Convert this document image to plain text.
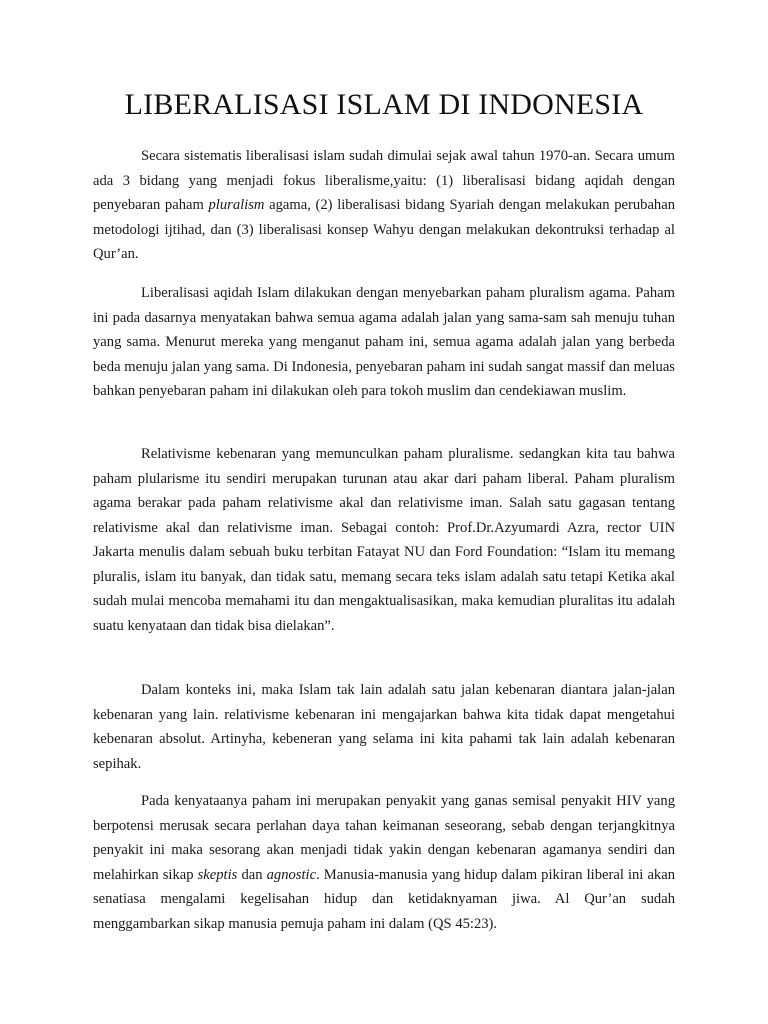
LIBERALISASI ISLAM DI INDONESIA

Secara sistematis liberalisasi islam sudah dimulai sejak awal tahun 1970-an. Secara umum ada 3 bidang yang menjadi fokus liberalisme,yaitu: (1) liberalisasi bidang aqidah dengan penyebaran paham pluralism agama, (2) liberalisasi bidang Syariah dengan melakukan perubahan metodologi ijtihad, dan (3) liberalisasi konsep Wahyu dengan melakukan dekontruksi terhadap al Qur’an.

Liberalisasi aqidah Islam dilakukan dengan menyebarkan paham pluralism agama. Paham ini pada dasarnya menyatakan bahwa semua agama adalah jalan yang sama-sam sah menuju tuhan yang sama. Menurut mereka yang menganut paham ini, semua agama adalah jalan yang berbeda beda menuju jalan yang sama. Di Indonesia, penyebaran paham ini sudah sangat massif dan meluas bahkan penyebaran paham ini dilakukan oleh para tokoh muslim dan cendekiawan muslim.

Relativisme kebenaran yang memunculkan paham pluralisme. sedangkan kita tau bahwa paham plularisme itu sendiri merupakan turunan atau akar dari paham liberal. Paham pluralism agama berakar pada paham relativisme akal dan relativisme iman. Salah satu gagasan tentang relativisme akal dan relativisme iman. Sebagai contoh: Prof.Dr.Azyumardi Azra, rector UIN Jakarta menulis dalam sebuah buku terbitan Fatayat NU dan Ford Foundation: “Islam itu memang pluralis, islam itu banyak, dan tidak satu, memang secara teks islam adalah satu tetapi Ketika akal sudah mulai mencoba memahami itu dan mengaktualisasikan, maka kemudian pluralitas itu adalah suatu kenyataan dan tidak bisa dielakan”.

Dalam konteks ini, maka Islam tak lain adalah satu jalan kebenaran diantara jalan-jalan kebenaran yang lain. relativisme kebenaran ini mengajarkan bahwa kita tidak dapat mengetahui kebenaran absolut. Artinyha, kebeneran yang selama ini kita pahami tak lain adalah kebenaran sepihak.

Pada kenyataanya paham ini merupakan penyakit yang ganas semisal penyakit HIV yang berpotensi merusak secara perlahan daya tahan keimanan seseorang, sebab dengan terjangkitnya penyakit ini maka sesorang akan menjadi tidak yakin dengan kebenaran agamanya sendiri dan melahirkan sikap skeptis dan agnostic. Manusia-manusia yang hidup dalam pikiran liberal ini akan senatiasa mengalami kegelisahan hidup dan ketidaknyaman jiwa. Al Qur’an sudah menggambarkan sikap manusia pemuja paham ini dalam (QS 45:23).
